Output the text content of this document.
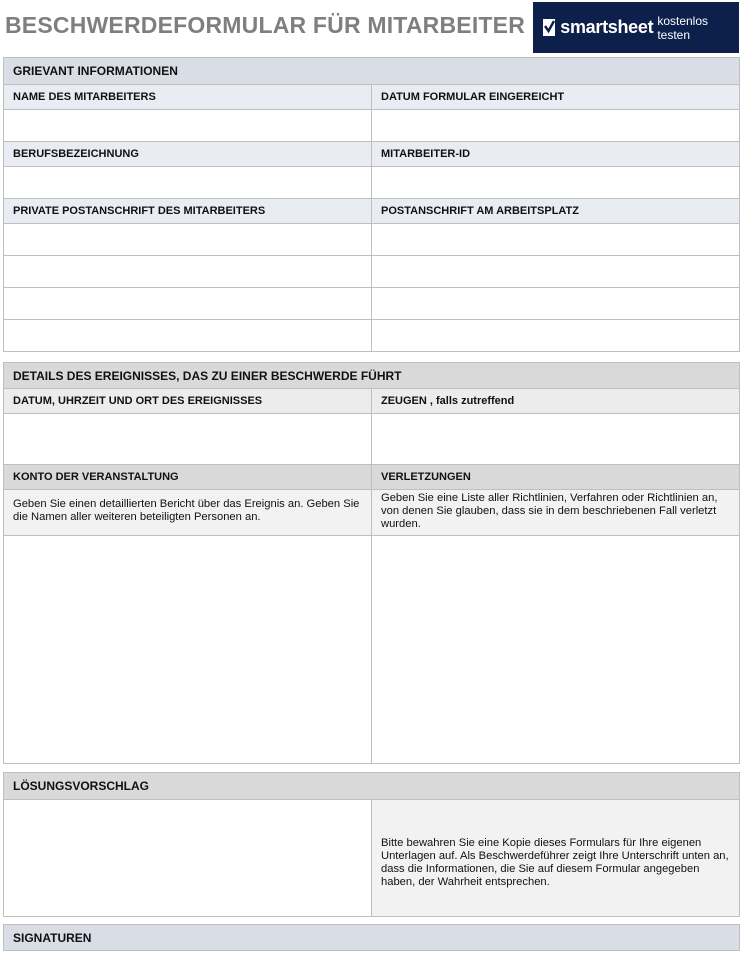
BESCHWERDEFORMULAR FÜR MITARBEITER smartsheet kostenlos testen
GRIEVANT INFORMATIONEN
NAME DES MITARBEITERS	DATUM FORMULAR EINGEREICHT
BERUFSBEZEICHNUNG	MITARBEITER-ID
PRIVATE POSTANSCHRIFT DES MITARBEITERS	POSTANSCHRIFT AM ARBEITSPLATZ
DETAILS DES EREIGNISSES, DAS ZU EINER BESCHWERDE FÜHRT
DATUM, UHRZEIT UND ORT DES EREIGNISSES	ZEUGEN , falls zutreffend
KONTO DER VERANSTALTUNG	VERLETZUNGEN
Geben Sie einen detaillierten Bericht über das Ereignis an. Geben Sie die Namen aller weiteren beteiligten Personen an.
Geben Sie eine Liste aller Richtlinien, Verfahren oder Richtlinien an, von denen Sie glauben, dass sie in dem beschriebenen Fall verletzt wurden.
LÖSUNGSVORSCHLAG
Bitte bewahren Sie eine Kopie dieses Formulars für Ihre eigenen Unterlagen auf. Als Beschwerdeführer zeigt Ihre Unterschrift unten an, dass die Informationen, die Sie auf diesem Formular angegeben haben, der Wahrheit entsprechen.
SIGNATUREN
